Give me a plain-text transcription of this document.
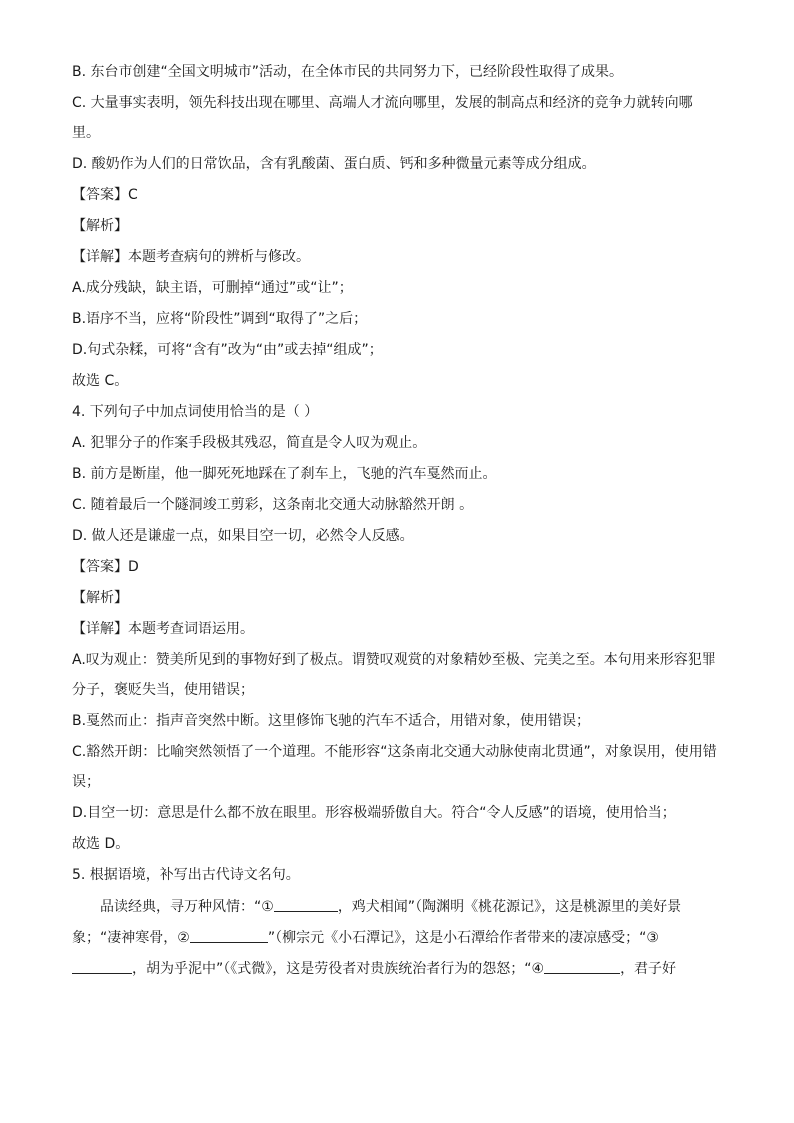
B. 东台市创建“全国文明城市”活动，在全体市民的共同努力下，已经阶段性取得了成果。
C. 大量事实表明，领先科技出现在哪里、高端人才流向哪里，发展的制高点和经济的竞争力就转向哪
里。
D. 酸奶作为人们的日常饮品，含有乳酸菌、蛋白质、钙和多种微量元素等成分组成。
【答案】C
【解析】
【详解】本题考查病句的辨析与修改。
A.成分残缺，缺主语，可删掉“通过”或“让”；
B.语序不当，应将“阶段性”调到“取得了”之后；
D.句式杂糅，可将“含有”改为“由”或去掉“组成”；
故选 C。
4. 下列句子中加点词使用恰当的是（ ）
A. 犯罪分子的作案手段极其残忍，简直是令人叹为观止。
B. 前方是断崖，他一脚死死地踩在了刹车上，飞驰的汽车戛然而止。
C. 随着最后一个隧洞竣工剪彩，这条南北交通大动脉豁然开朗 。
D. 做人还是谦虚一点，如果目空一切，必然令人反感。
【答案】D
【解析】
【详解】本题考查词语运用。
A.叹为观止：赞美所见到的事物好到了极点。谓赞叹观赏的对象精妙至极、完美之至。本句用来形容犯罪
分子，褒贬失当，使用错误；
B.戛然而止：指声音突然中断。这里修饰飞驰的汽车不适合，用错对象，使用错误；
C.豁然开朗：比喻突然领悟了一个道理。不能形容“这条南北交通大动脉使南北贯通”，对象误用，使用错
误；
D.目空一切：意思是什么都不放在眼里。形容极端骄傲自大。符合“令人反感”的语境，使用恰当；
故选 D。
5. 根据语境，补写出古代诗文名句。
品读经典，寻万种风情：“①	，鸡犬相闻”（陶渊明《桃花源记》，这是桃源里的美好景
象；“凄神寒骨，②	”（柳宗元《小石潭记》，这是小石潭给作者带来的凄凉感受；“③
，胡为乎泥中”（《式微》，这是劳役者对贵族统治者行为的怨怒；“④	，君子好
